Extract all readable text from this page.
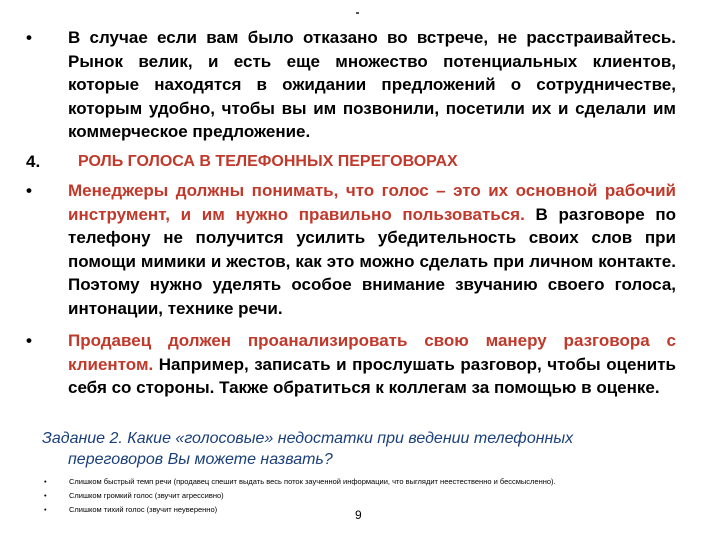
• В случае если вам было отказано во встрече, не расстраивайтесь. Рынок велик, и есть еще множество потенциальных клиентов, которые находятся в ожидании предложений о сотрудничестве, которым удобно, чтобы вы им позвонили, посетили их и сделали им коммерческое предложение.

4. РОЛЬ ГОЛОСА В ТЕЛЕФОННЫХ ПЕРЕГОВОРАХ

• Менеджеры должны понимать, что голос – это их основной рабочий инструмент, и им нужно правильно пользоваться. В разговоре по телефону не получится усилить убедительность своих слов при помощи мимики и жестов, как это можно сделать при личном контакте. Поэтому нужно уделять особое внимание звучанию своего голоса, интонации, технике речи.

• Продавец должен проанализировать свою манеру разговора с клиентом. Например, записать и прослушать разговор, чтобы оценить себя со стороны. Также обратиться к коллегам за помощью в оценке.

Задание 2. Какие «голосовые» недостатки при ведении телефонных
переговоров Вы можете назвать?
•	Слишком быстрый темп речи (продавец спешит выдать весь поток заученной информации, что выглядит неестественно и бессмысленно).
•	Слишком громкий голос (звучит агрессивно)
•	Слишком тихий голос (звучит неуверенно)	9
